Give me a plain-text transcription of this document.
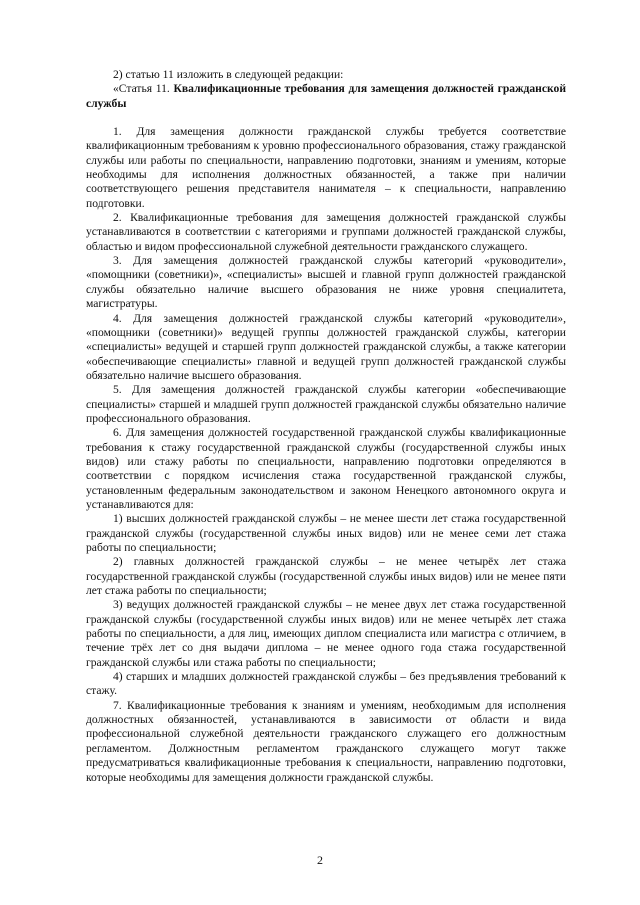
2) статью 11 изложить в следующей редакции:

«Статья 11. Квалификационные требования для замещения должностей гражданской службы

1. Для замещения должности гражданской службы требуется соответствие квалификационным требованиям к уровню профессионального образования, стажу гражданской службы или работы по специальности, направлению подготовки, знаниям и умениям, которые необходимы для исполнения должностных обязанностей, а также при наличии соответствующего решения представителя нанимателя – к специальности, направлению подготовки.

2. Квалификационные требования для замещения должностей гражданской службы устанавливаются в соответствии с категориями и группами должностей гражданской службы, областью и видом профессиональной служебной деятельности гражданского служащего.

3. Для замещения должностей гражданской службы категорий «руководители», «помощники (советники)», «специалисты» высшей и главной групп должностей гражданской службы обязательно наличие высшего образования не ниже уровня специалитета, магистратуры.

4. Для замещения должностей гражданской службы категорий «руководители», «помощники (советники)» ведущей группы должностей гражданской службы, категории «специалисты» ведущей и старшей групп должностей гражданской службы, а также категории «обеспечивающие специалисты» главной и ведущей групп должностей гражданской службы обязательно наличие высшего образования.

5. Для замещения должностей гражданской службы категории «обеспечивающие специалисты» старшей и младшей групп должностей гражданской службы обязательно наличие профессионального образования.

6. Для замещения должностей государственной гражданской службы квалификационные требования к стажу государственной гражданской службы (государственной службы иных видов) или стажу работы по специальности, направлению подготовки определяются в соответствии с порядком исчисления стажа государственной гражданской службы, установленным федеральным законодательством и законом Ненецкого автономного округа и устанавливаются для:

1) высших должностей гражданской службы – не менее шести лет стажа государственной гражданской службы (государственной службы иных видов) или не менее семи лет стажа работы по специальности;

2) главных должностей гражданской службы – не менее четырёх лет стажа государственной гражданской службы (государственной службы иных видов) или не менее пяти лет стажа работы по специальности;

3) ведущих должностей гражданской службы – не менее двух лет стажа государственной гражданской службы (государственной службы иных видов) или не менее четырёх лет стажа работы по специальности, а для лиц, имеющих диплом специалиста или магистра с отличием, в течение трёх лет со дня выдачи диплома – не менее одного года стажа государственной гражданской службы или стажа работы по специальности;

4) старших и младших должностей гражданской службы – без предъявления требований к стажу.

7. Квалификационные требования к знаниям и умениям, необходимым для исполнения должностных обязанностей, устанавливаются в зависимости от области и вида профессиональной служебной деятельности гражданского служащего его должностным регламентом. Должностным регламентом гражданского служащего могут также предусматриваться квалификационные требования к специальности, направлению подготовки, которые необходимы для замещения должности гражданской службы.

2
